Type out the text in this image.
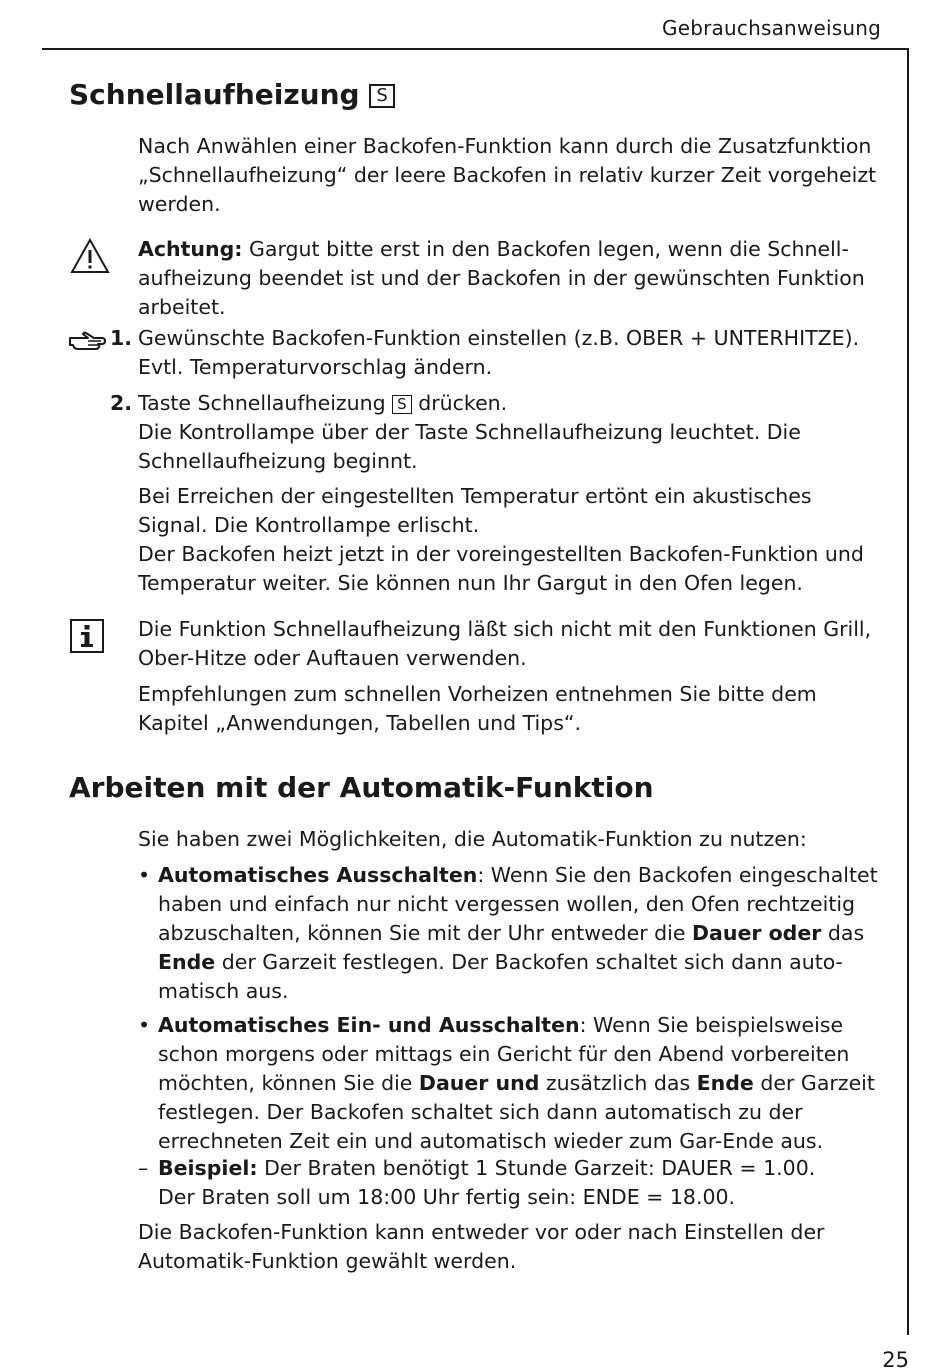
Gebrauchsanweisung
Schnellaufheizung S

Nach Anwählen einer Backofen-Funktion kann durch die Zusatzfunktion „Schnellaufheizung“ der leere Backofen in relativ kurzer Zeit vorgeheizt werden.

Achtung: Gargut bitte erst in den Backofen legen, wenn die Schnellaufheizung beendet ist und der Backofen in der gewünschten Funktion arbeitet.

1. Gewünschte Backofen-Funktion einstellen (z.B. OBER + UNTERHITZE). Evtl. Temperaturvorschlag ändern.

2. Taste Schnellaufheizung S drücken.
Die Kontrollampe über der Taste Schnellaufheizung leuchtet. Die Schnellaufheizung beginnt.

Bei Erreichen der eingestellten Temperatur ertönt ein akustisches Signal. Die Kontrollampe erlischt.

Der Backofen heizt jetzt in der voreingestellten Backofen-Funktion und Temperatur weiter. Sie können nun Ihr Gargut in den Ofen legen.

Die Funktion Schnellaufheizung läßt sich nicht mit den Funktionen Grill, Ober-Hitze oder Auftauen verwenden.

Empfehlungen zum schnellen Vorheizen entnehmen Sie bitte dem Kapitel „Anwendungen, Tabellen und Tips“.

Arbeiten mit der Automatik-Funktion

Sie haben zwei Möglichkeiten, die Automatik-Funktion zu nutzen:

• Automatisches Ausschalten: Wenn Sie den Backofen eingeschaltet haben und einfach nur nicht vergessen wollen, den Ofen rechtzeitig abzuschalten, können Sie mit der Uhr entweder die Dauer oder das Ende der Garzeit festlegen. Der Backofen schaltet sich dann automatisch aus.
• Automatisches Ein- und Ausschalten: Wenn Sie beispielsweise schon morgens oder mittags ein Gericht für den Abend vorbereiten möchten, können Sie die Dauer und zusätzlich das Ende der Garzeit festlegen. Der Backofen schaltet sich dann automatisch zu der errechneten Zeit ein und automatisch wieder zum Gar-Ende aus.
– Beispiel: Der Braten benötigt 1 Stunde Garzeit: DAUER = 1.00.
Der Braten soll um 18:00 Uhr fertig sein: ENDE = 18.00.

Die Backofen-Funktion kann entweder vor oder nach Einstellen der Automatik-Funktion gewählt werden.

25
